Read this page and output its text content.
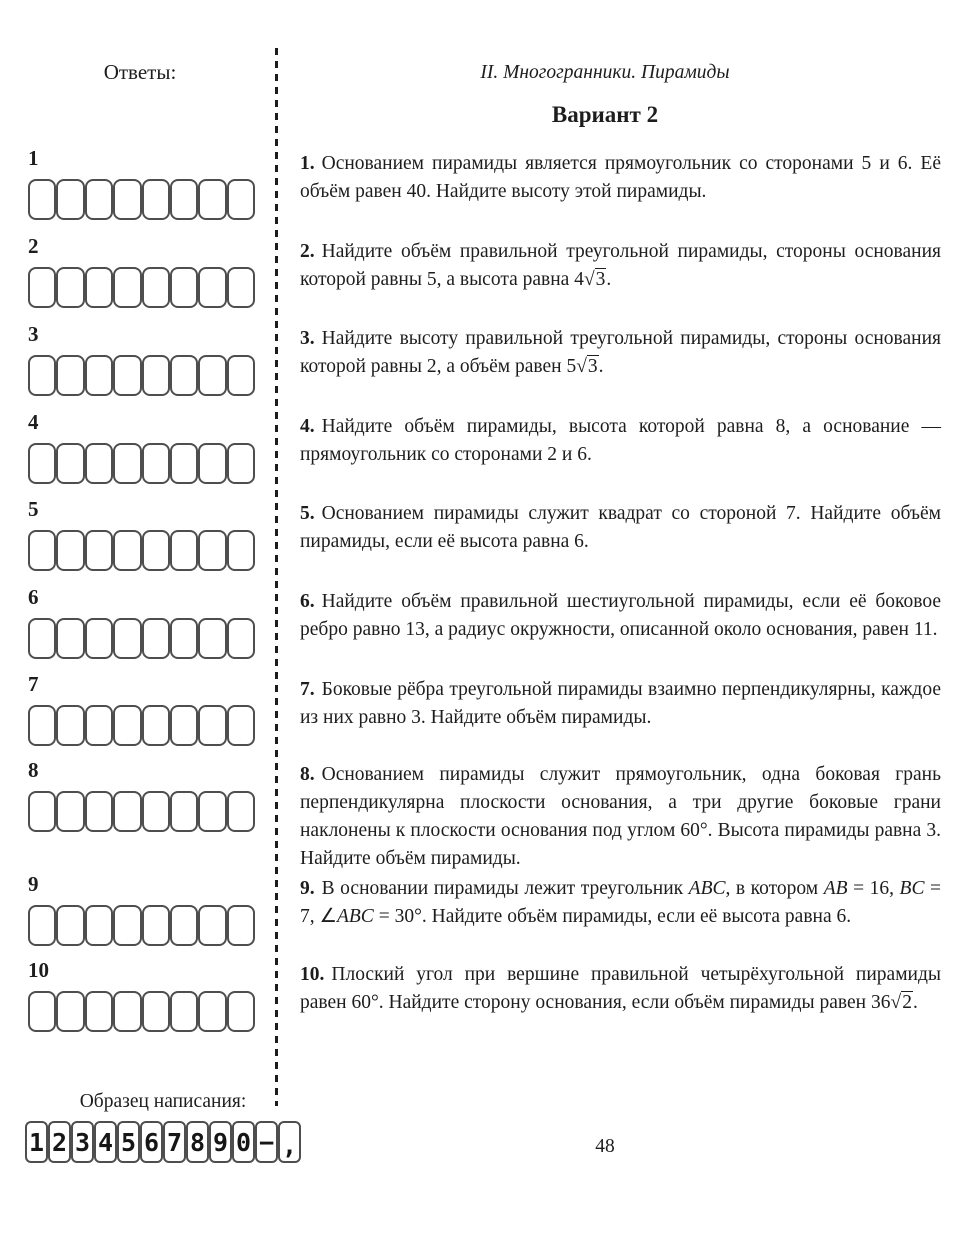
Ответы:
1
2
3
4
5
6
7
8
9
10
Образец написания:
1 2 3 4 5 6 7 8 9 0 − ,
II. Многогранники. Пирамиды
Вариант 2
1. Основанием пирамиды является прямоугольник со сторонами 5 и 6. Её объём равен 40. Найдите высоту этой пирамиды.
2. Найдите объём правильной треугольной пирамиды, стороны основания которой равны 5, а высота равна 4√3.
3. Найдите высоту правильной треугольной пирамиды, стороны основания которой равны 2, а объём равен 5√3.
4. Найдите объём пирамиды, высота которой равна 8, а основание — прямоугольник со сторонами 2 и 6.
5. Основанием пирамиды служит квадрат со стороной 7. Найдите объём пирамиды, если её высота равна 6.
6. Найдите объём правильной шестиугольной пирамиды, если её боковое ребро равно 13, а радиус окружности, описанной около основания, равен 11.
7. Боковые рёбра треугольной пирамиды взаимно перпендикулярны, каждое из них равно 3. Найдите объём пирамиды.
8. Основанием пирамиды служит прямоугольник, одна боковая грань перпендикулярна плоскости основания, а три другие боковые грани наклонены к плоскости основания под углом 60°. Высота пирамиды равна 3. Найдите объём пирамиды.
9. В основании пирамиды лежит треугольник ABC, в котором AB = 16, BC = 7, ∠ABC = 30°. Найдите объём пирамиды, если её высота равна 6.
10. Плоский угол при вершине правильной четырёхугольной пирамиды равен 60°. Найдите сторону основания, если объём пирамиды равен 36√2.
48
